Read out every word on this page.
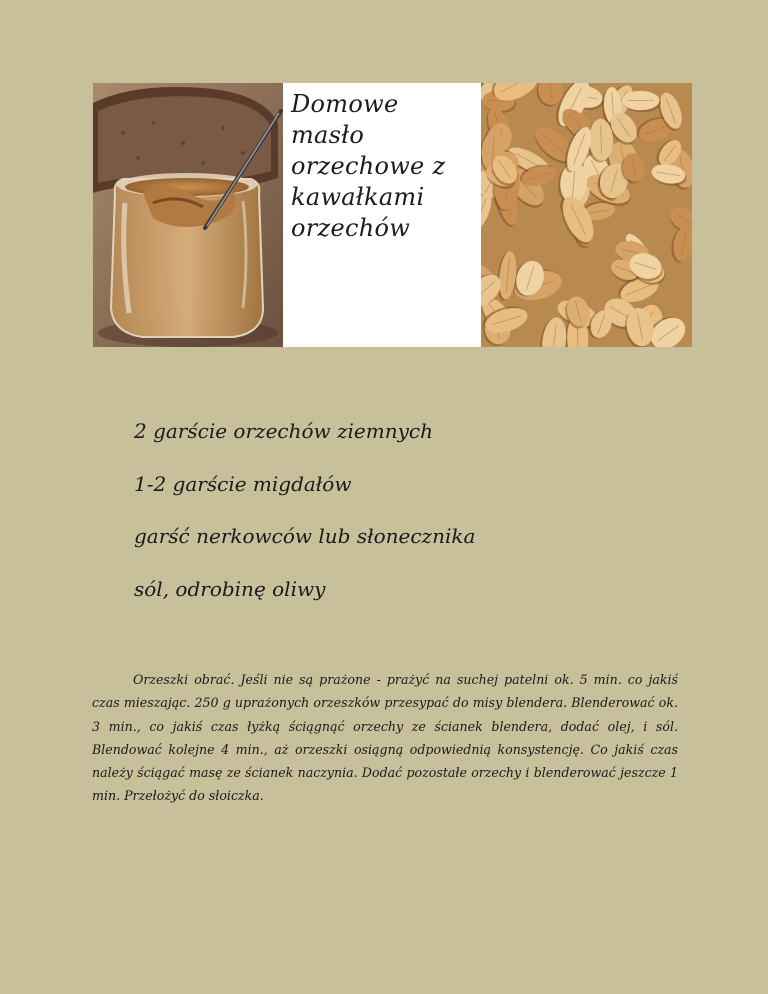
Domowe masło orzechowe z kawałkami orzechów
2 garście orzechów ziemnych
1-2 garście migdałów
garść nerkowców lub słonecznika
sól, odrobinę oliwy

Orzeszki obrać. Jeśli nie są prażone - prażyć na suchej patelni ok. 5 min. co jakiś czas mieszając. 250 g uprażonych orzeszków przesypać do misy blendera. Blenderować ok. 3 min., co jakiś czas łyżką ściągnąć orzechy ze ścianek blendera, dodać olej, i sól. Blendować kolejne 4 min., aż orzeszki osiągną odpowiednią konsystencję. Co jakiś czas należy ściągać masę ze ścianek naczynia. Dodać pozostałe orzechy i blenderować jeszcze 1 min. Przełożyć do słoiczka.
